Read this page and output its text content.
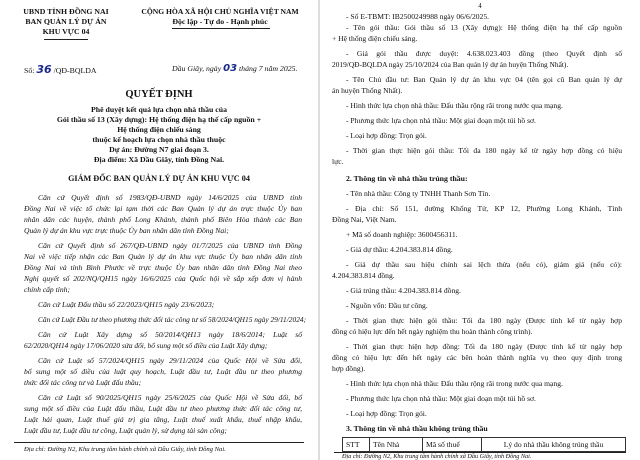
UBND TỈNH ĐỒNG NAI
BAN QUẢN LÝ DỰ ÁN
KHU VỰC 04
CỘNG HÒA XÃ HỘI CHỦ NGHĨA VIỆT NAM
Độc lập - Tự do - Hạnh phúc
Số: 36 /QĐ-BQLDA	Dầu Giây, ngày 03 tháng 7 năm 2025.
QUYẾT ĐỊNH
Phê duyệt kết quả lựa chọn nhà thầu của
Gói thầu số 13 (Xây dựng): Hệ thống điện hạ thế cấp nguồn +
Hệ thống điện chiếu sáng
thuộc kế hoạch lựa chọn nhà thầu thuộc
Dự án: Đường N7 giai đoạn 3.
Địa điểm: Xã Dầu Giây, tỉnh Đồng Nai.
GIÁM ĐỐC BAN QUẢN LÝ DỰ ÁN KHU VỰC 04
Căn cứ Quyết định số 1983/QĐ-UBND ngày 14/6/2025 của UBND tỉnh
Đồng Nai về việc tổ chức lại tạm thời các Ban Quản lý dự án trực thuộc Ủy ban
nhân dân các huyện, thành phố Long Khánh, thành phố Biên Hòa thành các Ban
Quản lý dự án khu vực trực thuộc Ủy ban nhân dân tỉnh Đồng Nai;
Căn cứ Quyết định số 267/QĐ-UBND ngày 01/7/2025 của UBND tỉnh Đồng
Nai về việc tiếp nhận các Ban Quản lý dự án khu vực thuộc Ủy ban nhân dân tỉnh
Đồng Nai và tỉnh Bình Phước về trực thuộc Ủy ban nhân dân tỉnh Đồng Nai theo
Nghị quyết số 202/NQ/QH15 ngày 16/6/2025 của Quốc hội về sắp xếp đơn vị hành
chính cấp tỉnh;
Căn cứ Luật Đấu thầu số 22/2023/QH15 ngày 23/6/2023;
Căn cứ Luật Đầu tư theo phương thức đối tác công tư số 58/2024/QH15 ngày 29/11/2024;
Căn cứ Luật Xây dựng số 50/2014/QH13 ngày 18/6/2014; Luật số
62/2020/QH14 ngày 17/06/2020 sửa đổi, bổ sung một số điều của Luật Xây dựng;
Căn cứ Luật số 57/2024/QH15 ngày 29/11/2024 của Quốc Hội về Sửa đổi,
bổ sung một số điều của luật quy hoạch, Luật đầu tư, Luật đầu tư theo phương
thức đối tác công tư và Luật đấu thầu;
Căn cứ Luật số 90/2025/QH15 ngày 25/6/2025 của Quốc Hội về Sửa đổi, bổ
sung một số điều của Luật đấu thầu, Luật đầu tư theo phương thức đối tác công tư,
Luật hải quan, Luật thuế giá trị gia tăng, Luật thuế xuất khẩu, thuế nhập khẩu,
Luật đầu tư, Luật đầu tư công, Luật quản lý, sử dụng tài sản công;
Địa chỉ: Đường N2, Khu trung tâm hành chính xã Dầu Giây, tỉnh Đồng Nai.
4
- Số E-TBMT: IB2500249988 ngày 06/6/2025.
- Tên gói thầu: Gói thầu số 13 (Xây dựng): Hệ thống điện hạ thế cấp nguồn
+ Hệ thống điện chiếu sáng.
- Giá gói thầu được duyệt: 4.638.023.403 đồng (theo Quyết định số
2019/QĐ-BQLDA ngày 25/10/2024 của Ban quản lý dự án huyện Thống Nhất).
- Tên Chủ đầu tư: Ban Quản lý dự án khu vực 04 (tên gọi cũ Ban quản lý dự
án huyện Thống Nhất).
- Hình thức lựa chọn nhà thầu: Đấu thầu rộng rãi trong nước qua mạng.
- Phương thức lựa chọn nhà thầu: Một giai đoạn một túi hồ sơ.
- Loại hợp đồng: Trọn gói.
- Thời gian thực hiện gói thầu: Tối đa 180 ngày kể từ ngày hợp đồng có hiệu
lực.
2. Thông tin về nhà thầu trúng thầu:
- Tên nhà thầu: Công ty TNHH Thanh Sơn Tín.
- Địa chỉ: Số 151, đường Khổng Tử, KP 12, Phường Long Khánh, Tỉnh
Đồng Nai, Việt Nam.
+ Mã số doanh nghiệp: 3600456311.
- Giá dự thầu: 4.204.383.814 đồng.
- Giá dự thầu sau hiệu chỉnh sai lệch thừa (nếu có), giảm giá (nếu có):
4.204.383.814 đồng.
- Giá trúng thầu: 4.204.383.814 đồng.
- Nguồn vốn: Đầu tư công.
- Thời gian thực hiện gói thầu: Tối đa 180 ngày (Được tính kể từ ngày hợp
đồng có hiệu lực đến hết ngày nghiệm thu hoàn thành công trình).
- Thời gian thực hiện hợp đồng: Tối đa 180 ngày (Được tính kể từ ngày hợp
đồng có hiệu lực đến hết ngày các bên hoàn thành nghĩa vụ theo quy định trong
hợp đồng).
- Hình thức lựa chọn nhà thầu: Đấu thầu rộng rãi trong nước qua mạng.
- Phương thức lựa chọn nhà thầu: Một giai đoạn một túi hồ sơ.
- Loại hợp đồng: Trọn gói.
3. Thông tin về nhà thầu không trúng thầu
STT	Tên Nhà	Mã số thuế	Lý do nhà thầu không trúng thầu
Địa chỉ: Đường N2, Khu trung tâm hành chính xã Dầu Giây, tỉnh Đồng Nai.
